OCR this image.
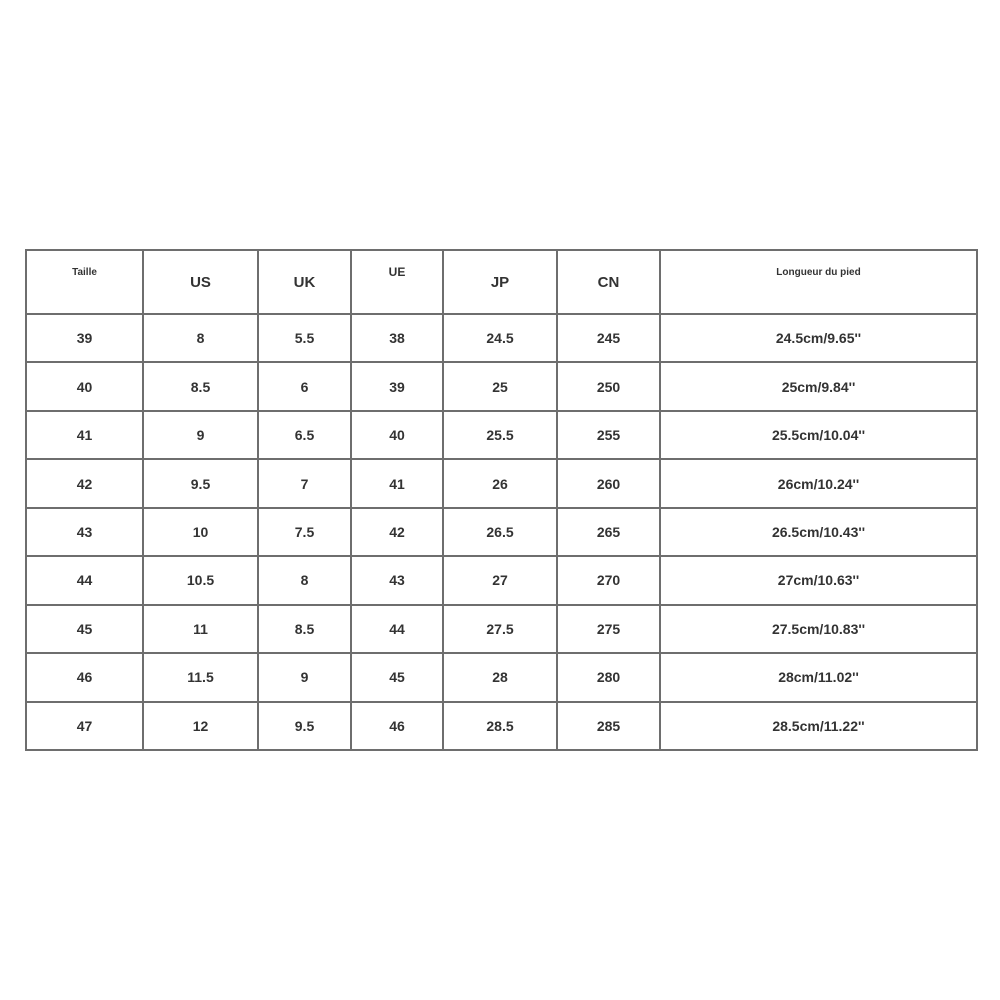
Taille	US	UK	UE	JP	CN	Longueur du pied
39	8	5.5	38	24.5	245	24.5cm/9.65''
40	8.5	6	39	25	250	25cm/9.84''
41	9	6.5	40	25.5	255	25.5cm/10.04''
42	9.5	7	41	26	260	26cm/10.24''
43	10	7.5	42	26.5	265	26.5cm/10.43''
44	10.5	8	43	27	270	27cm/10.63''
45	11	8.5	44	27.5	275	27.5cm/10.83''
46	11.5	9	45	28	280	28cm/11.02''
47	12	9.5	46	28.5	285	28.5cm/11.22''
